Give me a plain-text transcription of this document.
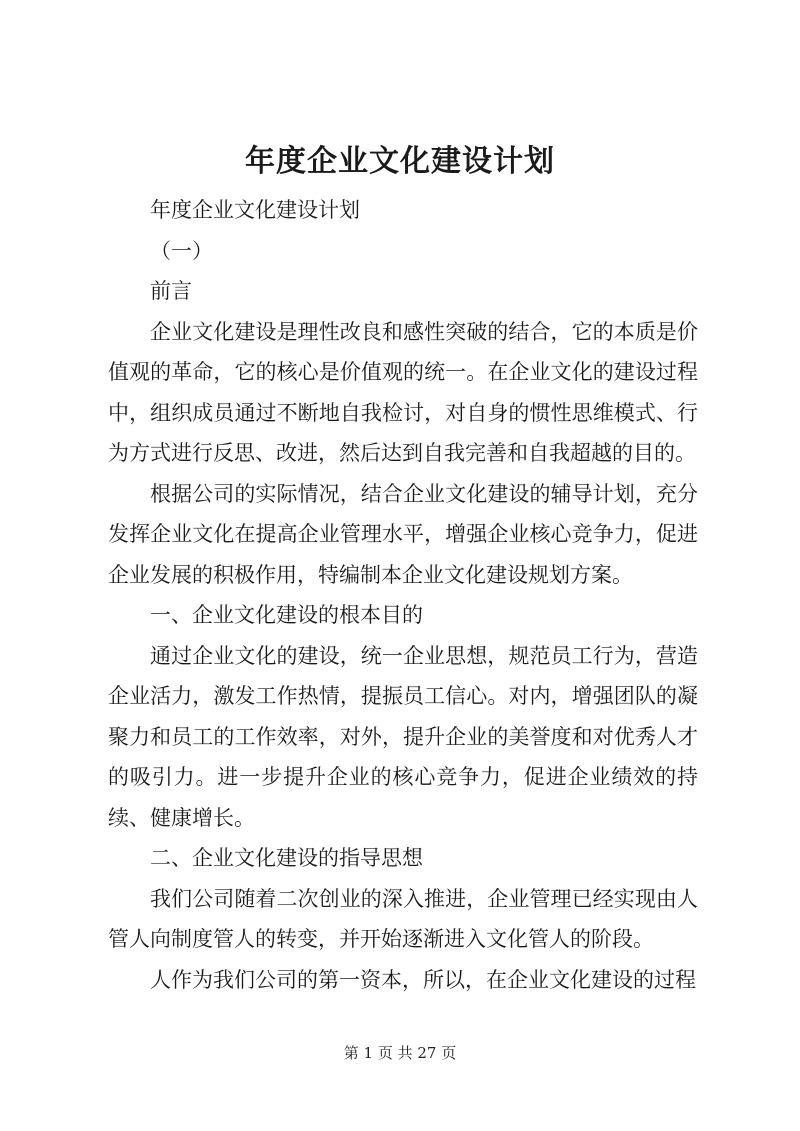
年度企业文化建设计划

年度企业文化建设计划

（一）

前言

企业文化建设是理性改良和感性突破的结合，它的本质是价值观的革命，它的核心是价值观的统一。在企业文化的建设过程中，组织成员通过不断地自我检讨，对自身的惯性思维模式、行为方式进行反思、改进，然后达到自我完善和自我超越的目的。

根据公司的实际情况，结合企业文化建设的辅导计划，充分发挥企业文化在提高企业管理水平，增强企业核心竞争力，促进企业发展的积极作用，特编制本企业文化建设规划方案。

一、企业文化建设的根本目的

通过企业文化的建设，统一企业思想，规范员工行为，营造企业活力，激发工作热情，提振员工信心。对内，增强团队的凝聚力和员工的工作效率，对外，提升企业的美誉度和对优秀人才的吸引力。进一步提升企业的核心竞争力，促进企业绩效的持续、健康增长。

二、企业文化建设的指导思想

我们公司随着二次创业的深入推进，企业管理已经实现由人管人向制度管人的转变，并开始逐渐进入文化管人的阶段。

人作为我们公司的第一资本，所以，在企业文化建设的过程

第 1 页 共 27 页
